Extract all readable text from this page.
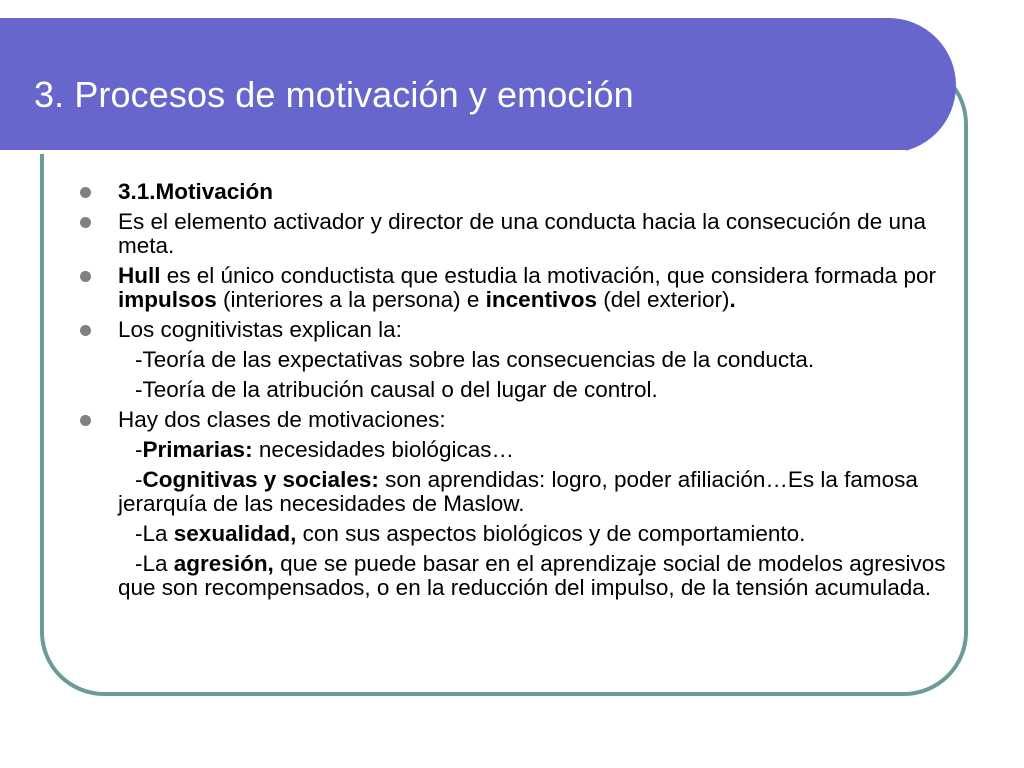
3. Procesos de motivación y emoción
3.1.Motivación
Es el elemento activador y director de una conducta hacia la consecución de una meta.
Hull es el único conductista que estudia la motivación, que considera formada por impulsos (interiores a la persona) e incentivos (del exterior).
Los cognitivistas explican la:
-Teoría de las expectativas sobre las consecuencias de la conducta.
-Teoría de la atribución causal o del lugar de control.
Hay dos clases de motivaciones:
-Primarias: necesidades biológicas…
-Cognitivas y sociales: son aprendidas: logro, poder afiliación…Es la famosa jerarquía de las necesidades de Maslow.
-La sexualidad, con sus aspectos biológicos y de comportamiento.
-La agresión, que se puede basar en el aprendizaje social de modelos agresivos que son recompensados, o en la reducción del impulso, de la tensión acumulada.
